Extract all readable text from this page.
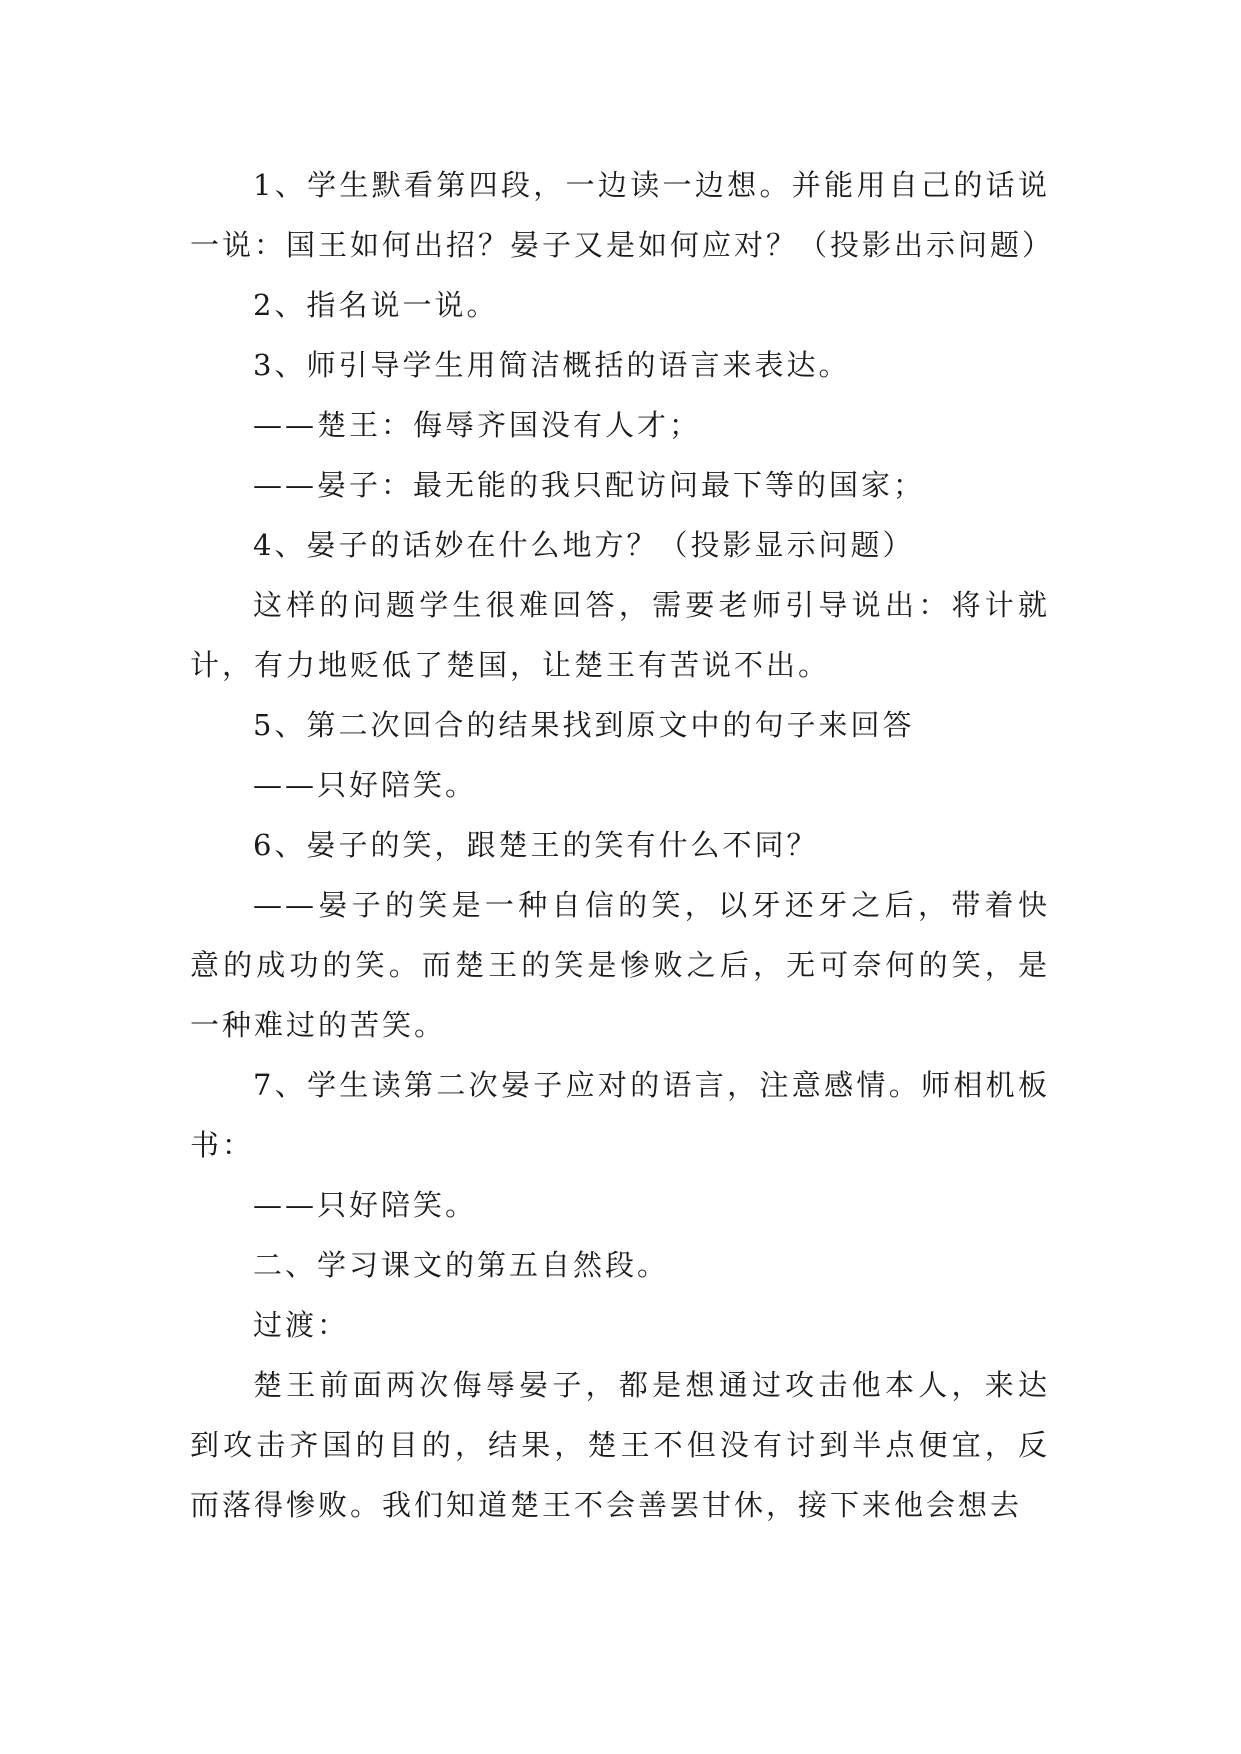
1、学生默看第四段，一边读一边想。并能用自己的话说一说：国王如何出招？晏子又是如何应对？（投影出示问题）

2、指名说一说。

3、师引导学生用简洁概括的语言来表达。

——楚王：侮辱齐国没有人才；

——晏子：最无能的我只配访问最下等的国家；

4、晏子的话妙在什么地方？（投影显示问题）

这样的问题学生很难回答，需要老师引导说出：将计就计，有力地贬低了楚国，让楚王有苦说不出。

5、第二次回合的结果找到原文中的句子来回答

——只好陪笑。

6、晏子的笑，跟楚王的笑有什么不同？

——晏子的笑是一种自信的笑，以牙还牙之后，带着快意的成功的笑。而楚王的笑是惨败之后，无可奈何的笑，是一种难过的苦笑。

7、学生读第二次晏子应对的语言，注意感情。师相机板书：

——只好陪笑。

二、学习课文的第五自然段。

过渡：

楚王前面两次侮辱晏子，都是想通过攻击他本人，来达到攻击齐国的目的，结果，楚王不但没有讨到半点便宜，反而落得惨败。我们知道楚王不会善罢甘休，接下来他会想去
